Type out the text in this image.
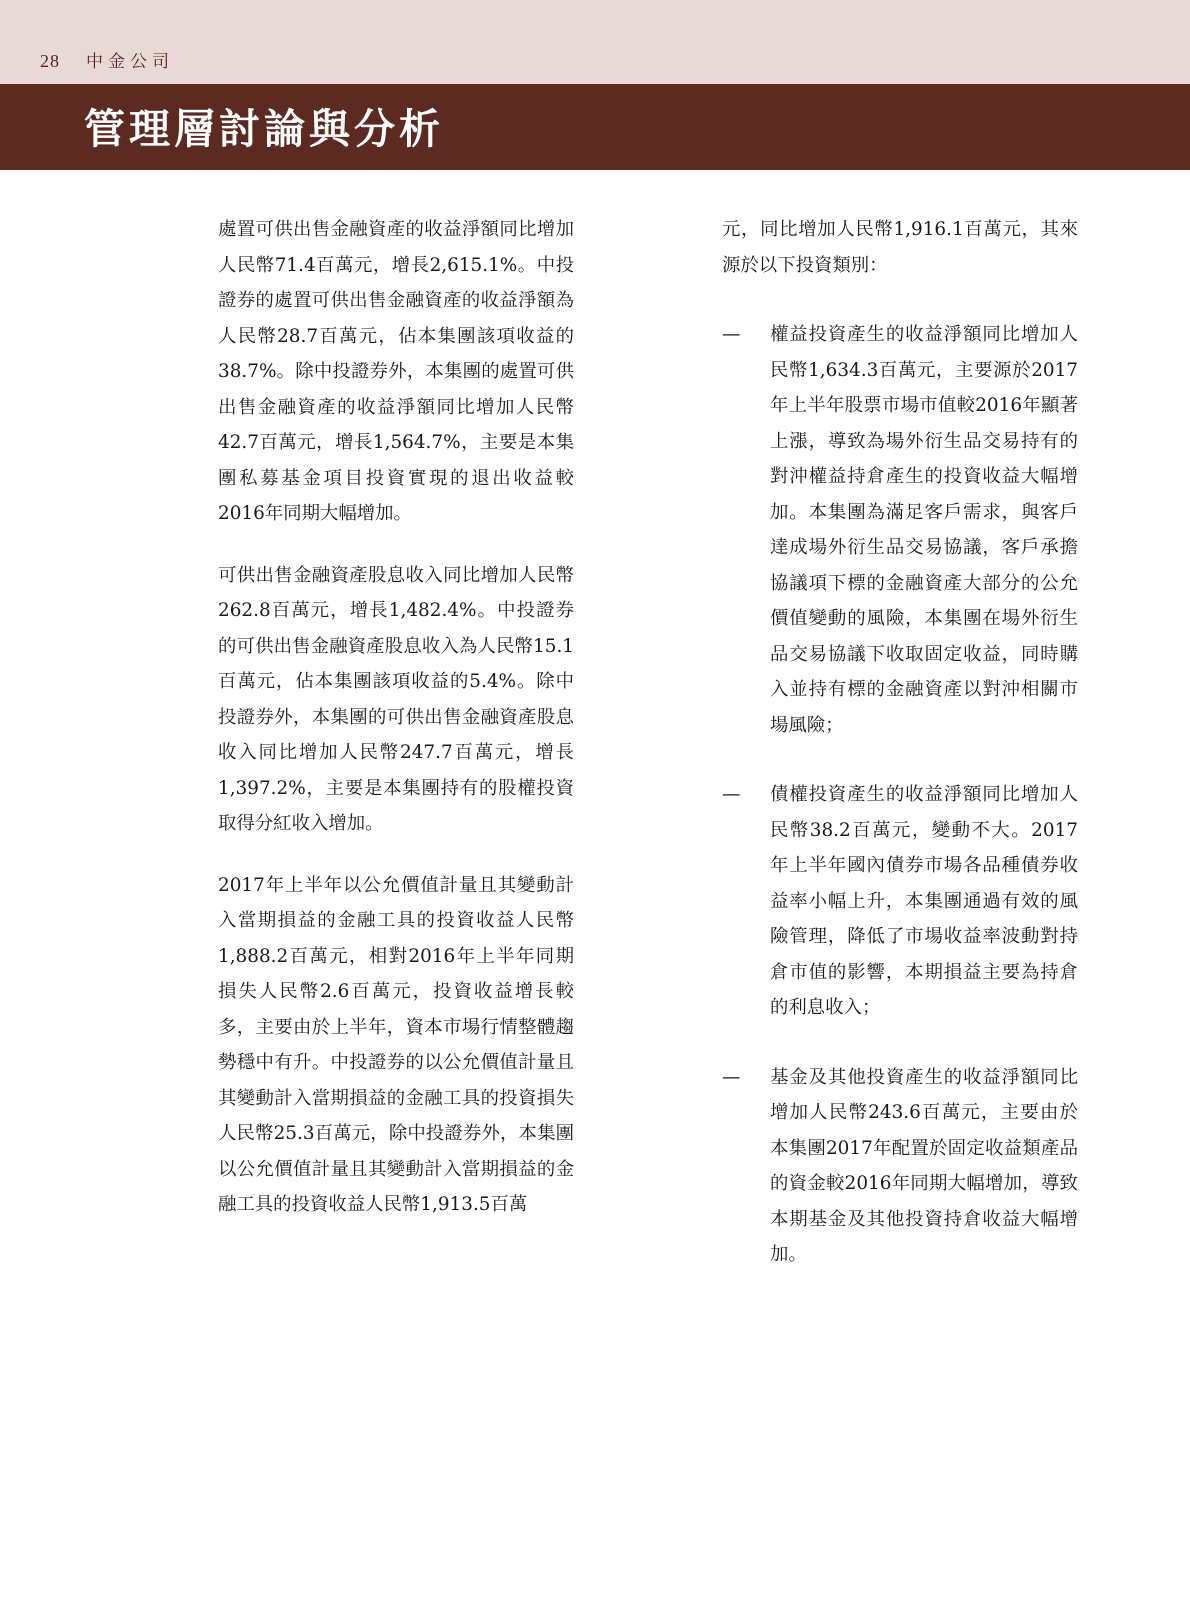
28 中金公司
管理層討論與分析

處置可供出售金融資產的收益淨額同比增加人民幣71.4百萬元，增長2,615.1%。中投證券的處置可供出售金融資產的收益淨額為人民幣28.7百萬元，佔本集團該項收益的38.7%。除中投證券外，本集團的處置可供出售金融資產的收益淨額同比增加人民幣42.7百萬元，增長1,564.7%，主要是本集團私募基金項目投資實現的退出收益較2016年同期大幅增加。

可供出售金融資產股息收入同比增加人民幣262.8百萬元，增長1,482.4%。中投證券的可供出售金融資產股息收入為人民幣15.1百萬元，佔本集團該項收益的5.4%。除中投證券外，本集團的可供出售金融資產股息收入同比增加人民幣247.7百萬元，增長1,397.2%，主要是本集團持有的股權投資取得分紅收入增加。

2017年上半年以公允價值計量且其變動計入當期損益的金融工具的投資收益人民幣1,888.2百萬元，相對2016年上半年同期損失人民幣2.6百萬元，投資收益增長較多，主要由於上半年，資本市場行情整體趨勢穩中有升。中投證券的以公允價值計量且其變動計入當期損益的金融工具的投資損失人民幣25.3百萬元，除中投證券外，本集團以公允價值計量且其變動計入當期損益的金融工具的投資收益人民幣1,913.5百萬

元，同比增加人民幣1,916.1百萬元，其來源於以下投資類別：

— 權益投資產生的收益淨額同比增加人民幣1,634.3百萬元，主要源於2017年上半年股票市場市值較2016年顯著上漲，導致為場外衍生品交易持有的對沖權益持倉產生的投資收益大幅增加。本集團為滿足客戶需求，與客戶達成場外衍生品交易協議，客戶承擔協議項下標的金融資產大部分的公允價值變動的風險，本集團在場外衍生品交易協議下收取固定收益，同時購入並持有標的金融資產以對沖相關市場風險；
— 債權投資產生的收益淨額同比增加人民幣38.2百萬元，變動不大。2017年上半年國內債券市場各品種債券收益率小幅上升，本集團通過有效的風險管理，降低了市場收益率波動對持倉市值的影響，本期損益主要為持倉的利息收入；
— 基金及其他投資產生的收益淨額同比增加人民幣243.6百萬元，主要由於本集團2017年配置於固定收益類產品的資金較2016年同期大幅增加，導致本期基金及其他投資持倉收益大幅增加。
